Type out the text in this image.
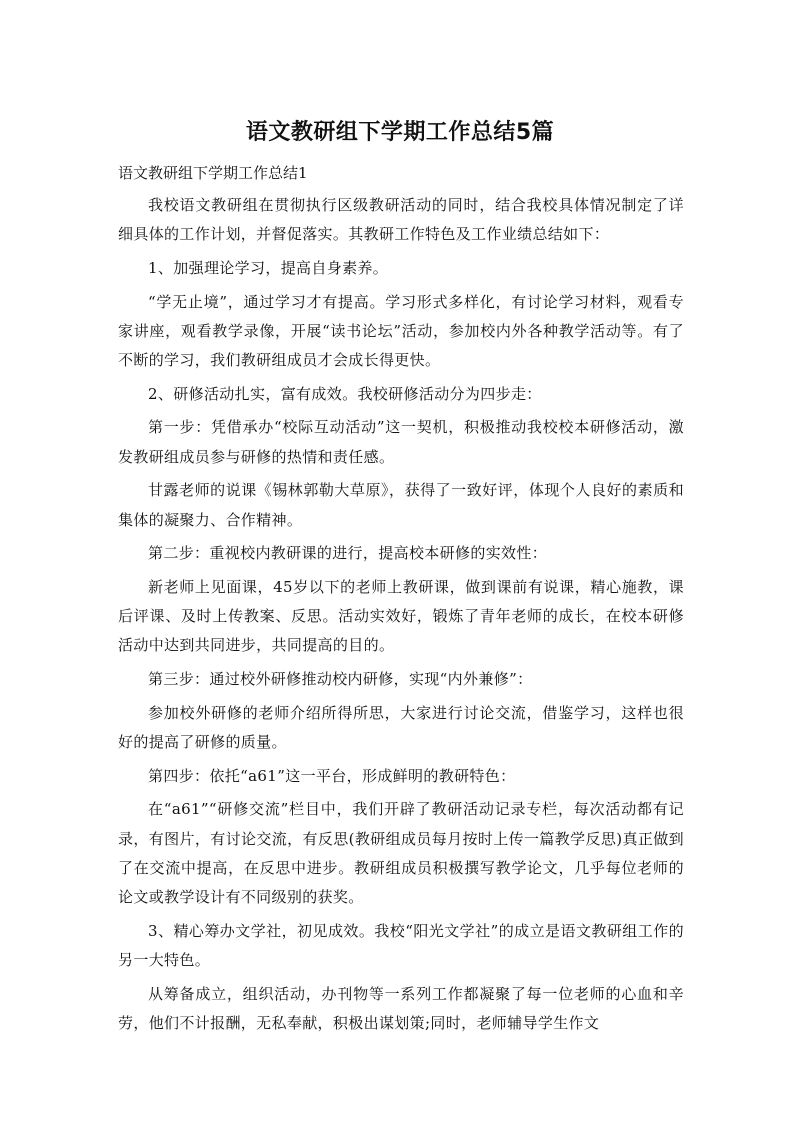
语文教研组下学期工作总结5篇
语文教研组下学期工作总结1

我校语文教研组在贯彻执行区级教研活动的同时，结合我校具体情况制定了详细具体的工作计划，并督促落实。其教研工作特色及工作业绩总结如下：

1、加强理论学习，提高自身素养。

“学无止境”，通过学习才有提高。学习形式多样化，有讨论学习材料，观看专家讲座，观看教学录像，开展“读书论坛”活动，参加校内外各种教学活动等。有了不断的学习，我们教研组成员才会成长得更快。

2、研修活动扎实，富有成效。我校研修活动分为四步走：

第一步：凭借承办“校际互动活动”这一契机，积极推动我校校本研修活动，激发教研组成员参与研修的热情和责任感。

甘露老师的说课《锡林郭勒大草原》，获得了一致好评，体现个人良好的素质和集体的凝聚力、合作精神。

第二步：重视校内教研课的进行，提高校本研修的实效性：

新老师上见面课，45岁以下的老师上教研课，做到课前有说课，精心施教，课后评课、及时上传教案、反思。活动实效好，锻炼了青年老师的成长，在校本研修活动中达到共同进步，共同提高的目的。

第三步：通过校外研修推动校内研修，实现“内外兼修”：

参加校外研修的老师介绍所得所思，大家进行讨论交流，借鉴学习，这样也很好的提高了研修的质量。

第四步：依托“a61”这一平台，形成鲜明的教研特色：

在“a61”“研修交流”栏目中，我们开辟了教研活动记录专栏，每次活动都有记录，有图片，有讨论交流，有反思(教研组成员每月按时上传一篇教学反思)真正做到了在交流中提高，在反思中进步。教研组成员积极撰写教学论文，几乎每位老师的论文或教学设计有不同级别的获奖。

3、精心筹办文学社，初见成效。我校“阳光文学社”的成立是语文教研组工作的另一大特色。

从筹备成立，组织活动，办刊物等一系列工作都凝聚了每一位老师的心血和辛劳，他们不计报酬，无私奉献，积极出谋划策;同时，老师辅导学生作文
